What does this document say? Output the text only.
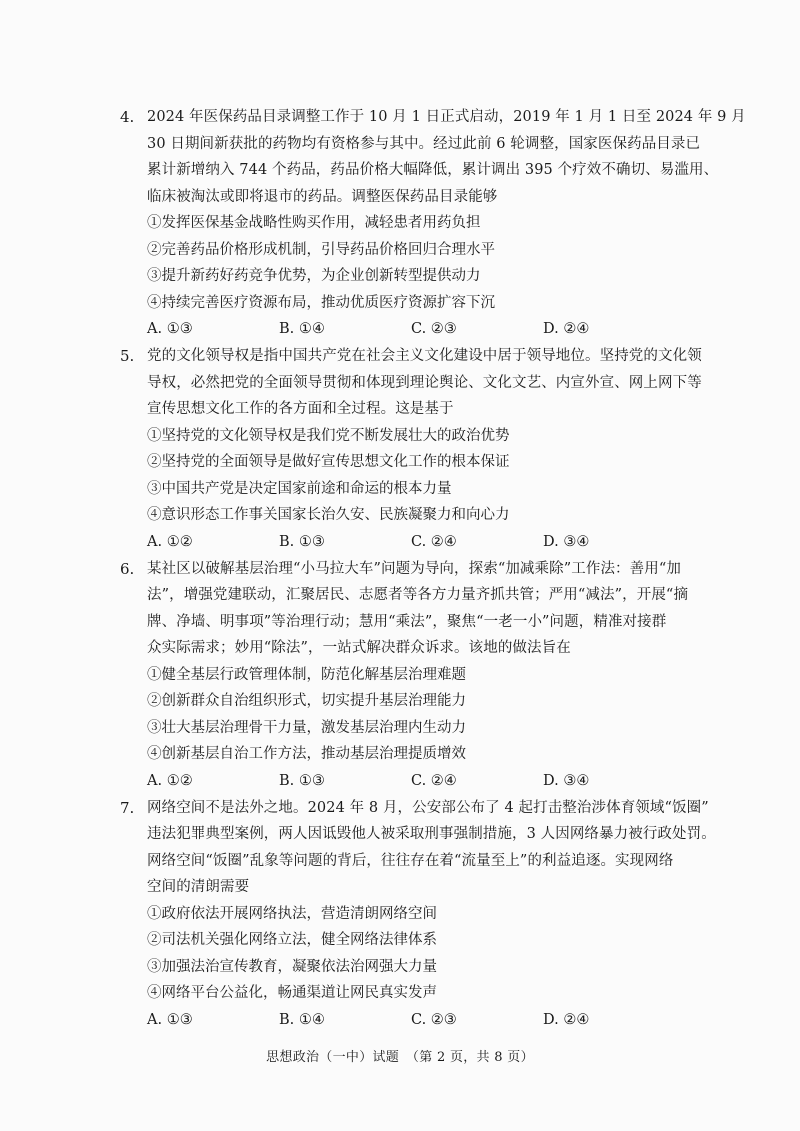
4. 2024 年医保药品目录调整工作于 10 月 1 日正式启动，2019 年 1 月 1 日至 2024 年 9 月
30 日期间新获批的药物均有资格参与其中。经过此前 6 轮调整，国家医保药品目录已
累计新增纳入 744 个药品，药品价格大幅降低，累计调出 395 个疗效不确切、易滥用、
临床被淘汰或即将退市的药品。调整医保药品目录能够
①发挥医保基金战略性购买作用，减轻患者用药负担
②完善药品价格形成机制，引导药品价格回归合理水平
③提升新药好药竞争优势，为企业创新转型提供动力
④持续完善医疗资源布局，推动优质医疗资源扩容下沉
A. ①③	B. ①④	C. ②③	D. ②④
5. 党的文化领导权是指中国共产党在社会主义文化建设中居于领导地位。坚持党的文化领
导权，必然把党的全面领导贯彻和体现到理论舆论、文化文艺、内宣外宣、网上网下等
宣传思想文化工作的各方面和全过程。这是基于
①坚持党的文化领导权是我们党不断发展壮大的政治优势
②坚持党的全面领导是做好宣传思想文化工作的根本保证
③中国共产党是决定国家前途和命运的根本力量
④意识形态工作事关国家长治久安、民族凝聚力和向心力
A. ①②	B. ①③	C. ②④	D. ③④
6. 某社区以破解基层治理“小马拉大车”问题为导向，探索“加减乘除”工作法：善用“加
法”，增强党建联动，汇聚居民、志愿者等各方力量齐抓共管；严用“减法”，开展“摘
牌、净墙、明事项”等治理行动；慧用“乘法”，聚焦“一老一小”问题，精准对接群
众实际需求；妙用“除法”，一站式解决群众诉求。该地的做法旨在
①健全基层行政管理体制，防范化解基层治理难题
②创新群众自治组织形式，切实提升基层治理能力
③壮大基层治理骨干力量，激发基层治理内生动力
④创新基层自治工作方法，推动基层治理提质增效
A. ①②	B. ①③	C. ②④	D. ③④
7. 网络空间不是法外之地。2024 年 8 月，公安部公布了 4 起打击整治涉体育领域“饭圈”
违法犯罪典型案例，两人因诋毁他人被采取刑事强制措施，3 人因网络暴力被行政处罚。
网络空间“饭圈”乱象等问题的背后，往往存在着“流量至上”的利益追逐。实现网络
空间的清朗需要
①政府依法开展网络执法，营造清朗网络空间
②司法机关强化网络立法，健全网络法律体系
③加强法治宣传教育，凝聚依法治网强大力量
④网络平台公益化，畅通渠道让网民真实发声
A. ①③	B. ①④	C. ②③	D. ②④
思想政治（一中）试题　（第 2 页，共 8 页）
